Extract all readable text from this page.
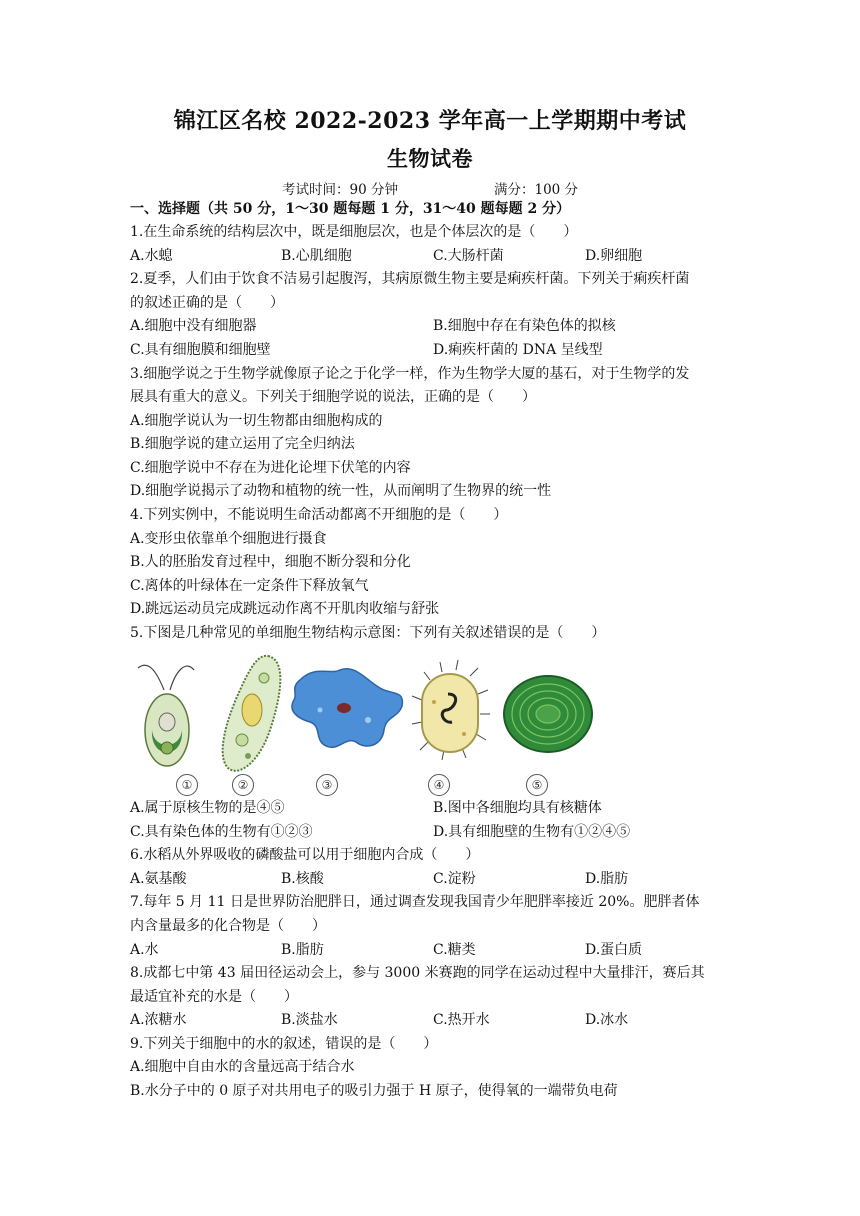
锦江区名校 2022-2023 学年高一上学期期中考试
生物试卷
考试时间：90 分钟	满分：100 分
一、选择题（共 50 分，1～30 题每题 1 分，31～40 题每题 2 分）
1.在生命系统的结构层次中，既是细胞层次，也是个体层次的是（　　）
A.水螅	B.心肌细胞	C.大肠杆菌	D.卵细胞
2.夏季，人们由于饮食不洁易引起腹泻，其病原微生物主要是痢疾杆菌。下列关于痢疾杆菌
的叙述正确的是（　　）
A.细胞中没有细胞器	B.细胞中存在有染色体的拟核
C.具有细胞膜和细胞壁	D.痢疾杆菌的 DNA 呈线型
3.细胞学说之于生物学就像原子论之于化学一样，作为生物学大厦的基石，对于生物学的发
展具有重大的意义。下列关于细胞学说的说法，正确的是（　　）
A.细胞学说认为一切生物都由细胞构成的
B.细胞学说的建立运用了完全归纳法
C.细胞学说中不存在为进化论埋下伏笔的内容
D.细胞学说揭示了动物和植物的统一性，从而阐明了生物界的统一性
4.下列实例中，不能说明生命活动都离不开细胞的是（　　）
A.变形虫依靠单个细胞进行摄食
B.人的胚胎发育过程中，细胞不断分裂和分化
C.离体的叶绿体在一定条件下释放氧气
D.跳远运动员完成跳远动作离不开肌肉收缩与舒张
5.下图是几种常见的单细胞生物结构示意图：下列有关叙述错误的是（　　）
①	②	③	④	⑤
A.属于原核生物的是④⑤	B.图中各细胞均具有核糖体
C.具有染色体的生物有①②③	D.具有细胞壁的生物有①②④⑤
6.水稻从外界吸收的磷酸盐可以用于细胞内合成（　　）
A.氨基酸	B.核酸	C.淀粉	D.脂肪
7.每年 5 月 11 日是世界防治肥胖日，通过调查发现我国青少年肥胖率接近 20%。肥胖者体
内含量最多的化合物是（　　）
A.水	B.脂肪	C.糖类	D.蛋白质
8.成都七中第 43 届田径运动会上，参与 3000 米赛跑的同学在运动过程中大量排汗，赛后其
最适宜补充的水是（　　）
A.浓糖水	B.淡盐水	C.热开水	D.冰水
9.下列关于细胞中的水的叙述，错误的是（　　）
A.细胞中自由水的含量远高于结合水
B.水分子中的 0 原子对共用电子的吸引力强于 H 原子，使得氧的一端带负电荷
